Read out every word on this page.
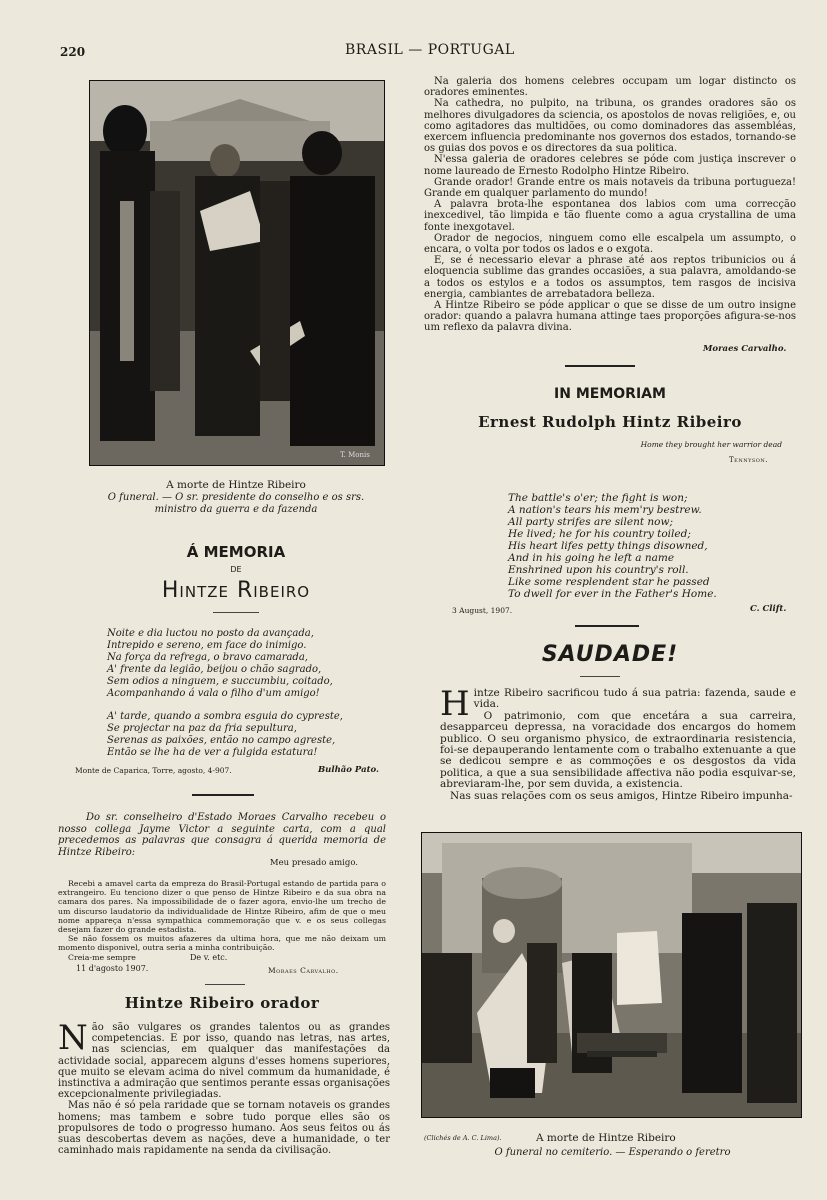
220	BRASIL — PORTUGAL
T. Monis
A morte de Hintze Ribeiro
O funeral. — O sr. presidente do conselho e os srs. ministro da guerra e da fazenda
Á MEMORIA
DE
Hintze Ribeiro
Noite e dia luctou no posto da avançada,
Intrepido e sereno, em face do inimigo.
Na força da refrega, o bravo camarada,
A' frente da legião, beijou o chão sagrado,
Sem odios a ninguem, e succumbiu, coitado,
Acompanhando á vala o filho d'um amigo!
A' tarde, quando a sombra esguia do cypreste,
Se projectar na paz da fria sepultura,
Serenas as paixões, então no campo agreste,
Então se lhe ha de ver a fulgida estatura!
Monte de Caparica, Torre, agosto, 4-907.	Bulhão Pato.
Do sr. conselheiro d'Estado Moraes Carvalho recebeu o nosso collega Jayme Victor a seguinte carta, com a qual precedemos as palavras que consagra á querida memoria de Hintze Ribeiro:
Meu presado amigo.

Recebi a amavel carta da empreza do Brasil-Portugal estando de partida para o extrangeiro. Eu tenciono dizer o que penso de Hintze Ribeiro e da sua obra na camara dos pares. Na impossibilidade de o fazer agora, envio-lhe um trecho de um discurso laudatorio da individualidade de Hintze Ribeiro, afim de que o meu nome appareça n'essa sympathica commemoração que v. e os seus collegas desejam fazer do grande estadista.

Se não fossem os muitos afazeres da ultima hora, que me não deixam um momento disponivel, outra seria a minha contribuição.

Creia-me sempre	De v. etc.
11 d'agosto 1907.	Moraes Carvalho.
Hintze Ribeiro orador
N ão são vulgares os grandes talentos ou as grandes competencias. E por isso, quando nas letras, nas artes, nas sciencias, em qualquer das manifestações da actividade social, apparecem alguns d'esses homens superiores, que muito se elevam acima do nivel commum da humanidade, é instinctiva a admiração que sentimos perante essas organisações excepcionalmente privilegiadas.

Mas não é só pela raridade que se tornam notaveis os grandes homens; mas tambem e sobre tudo porque elles são os propulsores de todo o progresso humano. Aos seus feitos ou ás suas descobertas devem as nações, deve a humanidade, o ter caminhado mais rapidamente na senda da civilisação.

Na galeria dos homens celebres occupam um logar distincto os oradores eminentes.

Na cathedra, no pulpito, na tribuna, os grandes oradores são os melhores divulgadores da sciencia, os apostolos de novas religiões, e, ou como agitadores das multidões, ou como dominadores das assembléas, exercem influencia predominante nos governos dos estados, tornando-se os guias dos povos e os directores da sua politica.

N'essa galeria de oradores celebres se póde com justiça inscrever o nome laureado de Ernesto Rodolpho Hintze Ribeiro.

Grande orador! Grande entre os mais notaveis da tribuna portugueza! Grande em qualquer parlamento do mundo!

A palavra brota-lhe espontanea dos labios com uma correcção inexcedivel, tão limpida e tão fluente como a agua crystallina de uma fonte inexgotavel.

Orador de negocios, ninguem como elle escalpela um assumpto, o encara, o volta por todos os lados e o exgota.

E, se é necessario elevar a phrase até aos reptos tribunicios ou á eloquencia sublime das grandes occasiões, a sua palavra, amoldando-se a todos os estylos e a todos os assumptos, tem rasgos de incisiva energia, cambiantes de arrebatadora belleza.

A Hintze Ribeiro se póde applicar o que se disse de um outro insigne orador: quando a palavra humana attinge taes proporções afigura-se-nos um reflexo da palavra divina.

Moraes Carvalho.
IN MEMORIAM
Ernest Rudolph Hintz Ribeiro
Home they brought her warrior dead
Tennyson.
The battle's o'er; the fight is won;
A nation's tears his mem'ry bestrew.
All party strifes are silent now;
He lived; he for his country toiled;
His heart lifes petty things disowned,
And in his going he left a name
Enshrined upon his country's roll.
Like some resplendent star he passed
To dwell for ever in the Father's Home.
3 August, 1907.	C. Clift.
SAUDADE!
H intze Ribeiro sacrificou tudo á sua patria: fazenda, saude e vida.

O patrimonio, com que encetára a sua carreira, desapparceu depressa, na voracidade dos encargos do homem publico. O seu organismo physico, de extraordinaria resistencia, foi-se depauperando lentamente com o trabalho extenuante a que se dedicou sempre e as commoções e os desgostos da vida politica, a que a sua sensibilidade affectiva não podia esquivar-se, abreviaram-lhe, por sem duvida, a existencia.

Nas suas relações com os seus amigos, Hintze Ribeiro impunha-

(Clichés de A. C. Lima).	A morte de Hintze Ribeiro
O funeral no cemiterio. — Esperando o feretro
